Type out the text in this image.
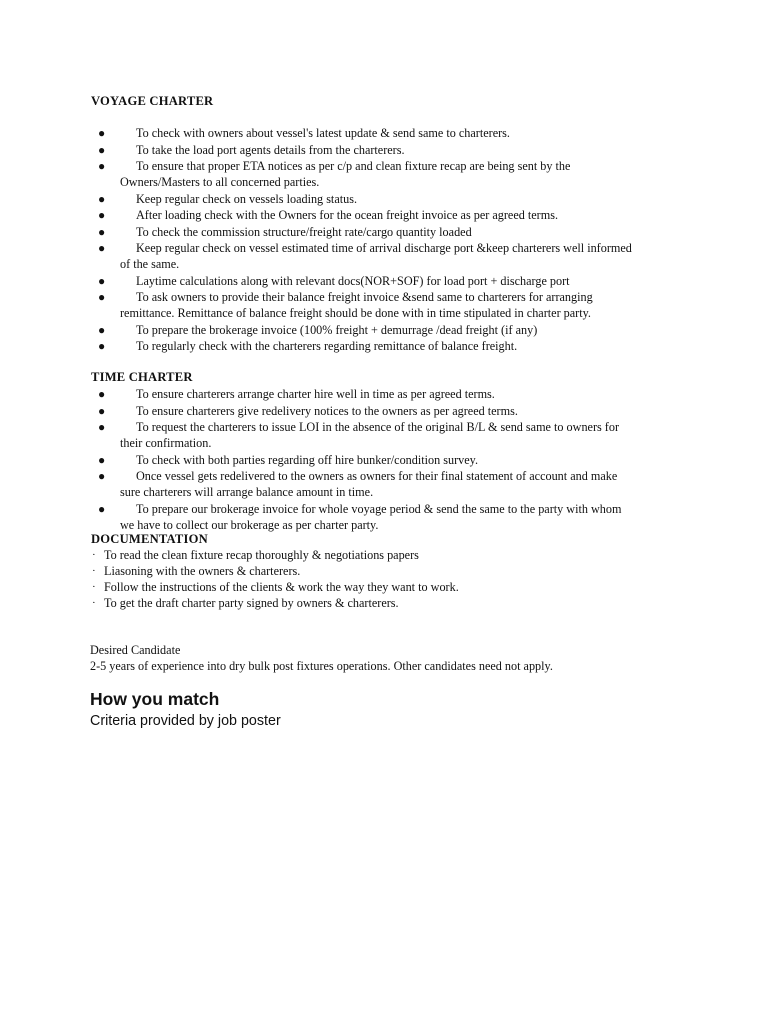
VOYAGE CHARTER
●	To check with owners about vessel's latest update & send same to charterers.
●	To take the load port agents details from the charterers.
●	To ensure that proper ETA notices as per c/p and clean fixture recap are being sent by the
Owners/Masters to all concerned parties.
●	Keep regular check on vessels loading status.
●	After loading check with the Owners for the ocean freight invoice as per agreed terms.
●	To check the commission structure/freight rate/cargo quantity loaded
●	Keep regular check on vessel estimated time of arrival discharge port &keep charterers well informed
of the same.
●	Laytime calculations along with relevant docs(NOR+SOF) for load port + discharge port
●	To ask owners to provide their balance freight invoice &send same to charterers for arranging
remittance. Remittance of balance freight should be done with in time stipulated in charter party.
●	To prepare the brokerage invoice (100% freight + demurrage /dead freight (if any)
●	To regularly check with the charterers regarding remittance of balance freight.
TIME CHARTER
●	To ensure charterers arrange charter hire well in time as per agreed terms.
●	To ensure charterers give redelivery notices to the owners as per agreed terms.
●	To request the charterers to issue LOI in the absence of the original B/L & send same to owners for
their confirmation.
●	To check with both parties regarding off hire bunker/condition survey.
●	Once vessel gets redelivered to the owners as owners for their final statement of account and make
sure charterers will arrange balance amount in time.
●	To prepare our brokerage invoice for whole voyage period & send the same to the party with whom
we have to collect our brokerage as per charter party.
DOCUMENTATION
· To read the clean fixture recap thoroughly & negotiations papers
· Liasoning with the owners & charterers.
· Follow the instructions of the clients & work the way they want to work.
· To get the draft charter party signed by owners & charterers.
Desired Candidate
2-5 years of experience into dry bulk post fixtures operations. Other candidates need not apply.
How you match
Criteria provided by job poster
